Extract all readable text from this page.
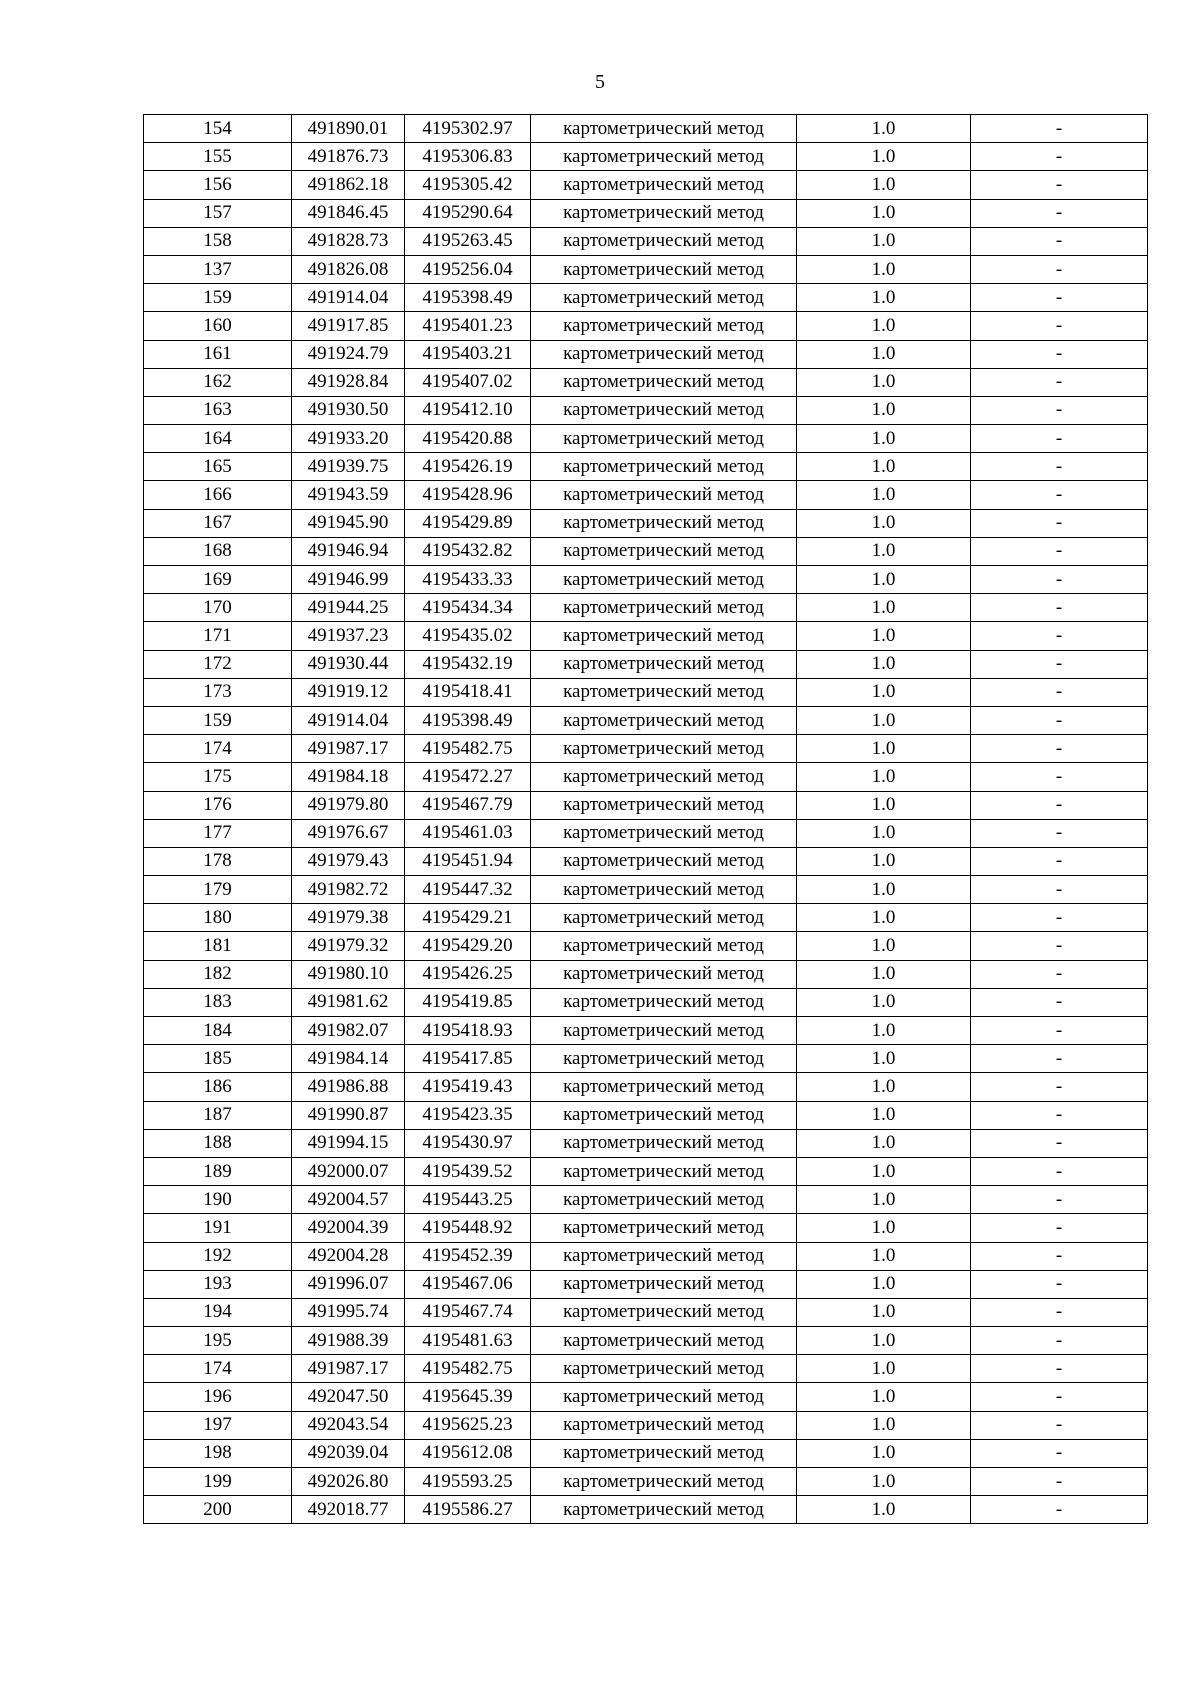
5
154	491890.01	4195302.97	картометрический метод	1.0	-
155	491876.73	4195306.83	картометрический метод	1.0	-
156	491862.18	4195305.42	картометрический метод	1.0	-
157	491846.45	4195290.64	картометрический метод	1.0	-
158	491828.73	4195263.45	картометрический метод	1.0	-
137	491826.08	4195256.04	картометрический метод	1.0	-
159	491914.04	4195398.49	картометрический метод	1.0	-
160	491917.85	4195401.23	картометрический метод	1.0	-
161	491924.79	4195403.21	картометрический метод	1.0	-
162	491928.84	4195407.02	картометрический метод	1.0	-
163	491930.50	4195412.10	картометрический метод	1.0	-
164	491933.20	4195420.88	картометрический метод	1.0	-
165	491939.75	4195426.19	картометрический метод	1.0	-
166	491943.59	4195428.96	картометрический метод	1.0	-
167	491945.90	4195429.89	картометрический метод	1.0	-
168	491946.94	4195432.82	картометрический метод	1.0	-
169	491946.99	4195433.33	картометрический метод	1.0	-
170	491944.25	4195434.34	картометрический метод	1.0	-
171	491937.23	4195435.02	картометрический метод	1.0	-
172	491930.44	4195432.19	картометрический метод	1.0	-
173	491919.12	4195418.41	картометрический метод	1.0	-
159	491914.04	4195398.49	картометрический метод	1.0	-
174	491987.17	4195482.75	картометрический метод	1.0	-
175	491984.18	4195472.27	картометрический метод	1.0	-
176	491979.80	4195467.79	картометрический метод	1.0	-
177	491976.67	4195461.03	картометрический метод	1.0	-
178	491979.43	4195451.94	картометрический метод	1.0	-
179	491982.72	4195447.32	картометрический метод	1.0	-
180	491979.38	4195429.21	картометрический метод	1.0	-
181	491979.32	4195429.20	картометрический метод	1.0	-
182	491980.10	4195426.25	картометрический метод	1.0	-
183	491981.62	4195419.85	картометрический метод	1.0	-
184	491982.07	4195418.93	картометрический метод	1.0	-
185	491984.14	4195417.85	картометрический метод	1.0	-
186	491986.88	4195419.43	картометрический метод	1.0	-
187	491990.87	4195423.35	картометрический метод	1.0	-
188	491994.15	4195430.97	картометрический метод	1.0	-
189	492000.07	4195439.52	картометрический метод	1.0	-
190	492004.57	4195443.25	картометрический метод	1.0	-
191	492004.39	4195448.92	картометрический метод	1.0	-
192	492004.28	4195452.39	картометрический метод	1.0	-
193	491996.07	4195467.06	картометрический метод	1.0	-
194	491995.74	4195467.74	картометрический метод	1.0	-
195	491988.39	4195481.63	картометрический метод	1.0	-
174	491987.17	4195482.75	картометрический метод	1.0	-
196	492047.50	4195645.39	картометрический метод	1.0	-
197	492043.54	4195625.23	картометрический метод	1.0	-
198	492039.04	4195612.08	картометрический метод	1.0	-
199	492026.80	4195593.25	картометрический метод	1.0	-
200	492018.77	4195586.27	картометрический метод	1.0	-
